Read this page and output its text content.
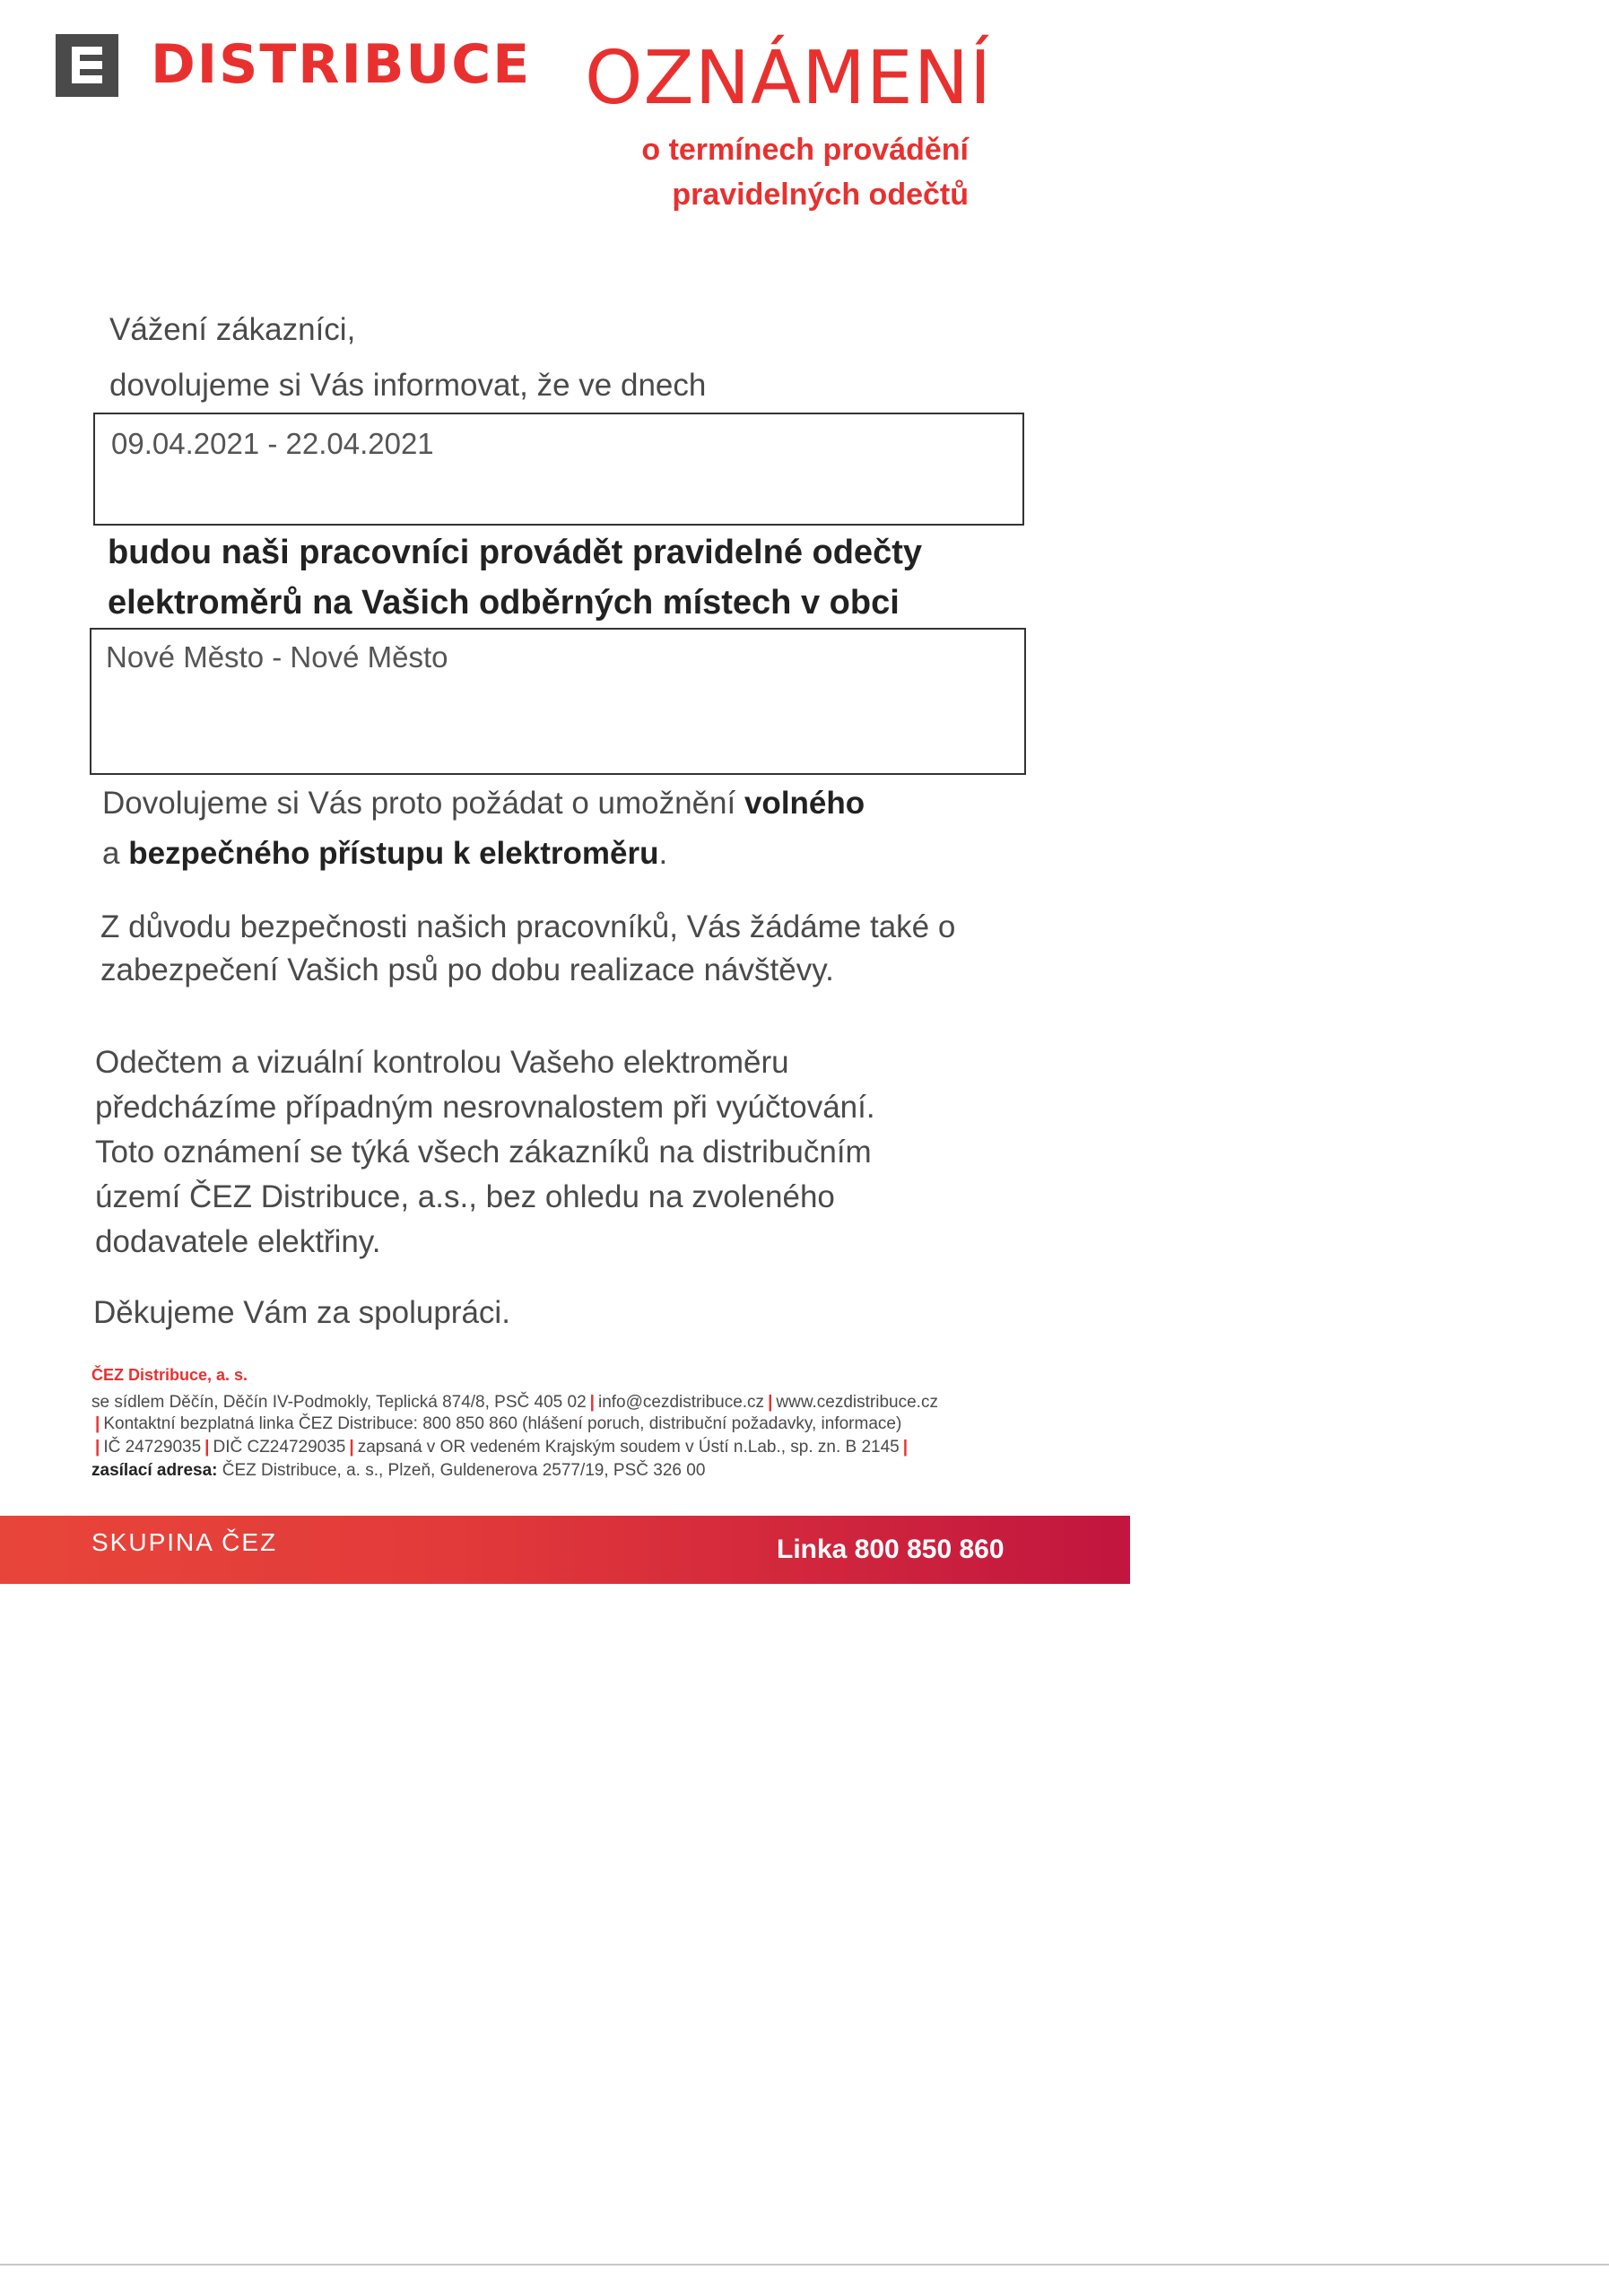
DISTRIBUCE OZNÁMENÍ
o termínech provádění
pravidelných odečtů
Vážení zákazníci,
dovolujeme si Vás informovat, že ve dnech
09.04.2021 - 22.04.2021
budou naši pracovníci provádět pravidelné odečty
elektroměrů na Vašich odběrných místech v obci
Nové Město - Nové Město
Dovolujeme si Vás proto požádat o umožnění volného
a bezpečného přístupu k elektroměru.
Z důvodu bezpečnosti našich pracovníků, Vás žádáme také o
zabezpečení Vašich psů po dobu realizace návštěvy.
Odečtem a vizuální kontrolou Vašeho elektroměru
předcházíme případným nesrovnalostem při vyúčtování.
Toto oznámení se týká všech zákazníků na distribučním
území ČEZ Distribuce, a.s., bez ohledu na zvoleného
dodavatele elektřiny.
Děkujeme Vám za spolupráci.
ČEZ Distribuce, a. s.
se sídlem Děčín, Děčín IV-Podmokly, Teplická 874/8, PSČ 405 02 | info@cezdistribuce.cz | www.cezdistribuce.cz
| Kontaktní bezplatná linka ČEZ Distribuce: 800 850 860 (hlášení poruch, distribuční požadavky, informace)
| IČ 24729035 | DIČ CZ24729035 | zapsaná v OR vedeném Krajským soudem v Ústí n.Lab., sp. zn. B 2145 |
zasílací adresa: ČEZ Distribuce, a. s., Plzeň, Guldenerova 2577/19, PSČ 326 00
SKUPINA ČEZ	Linka 800 850 860
